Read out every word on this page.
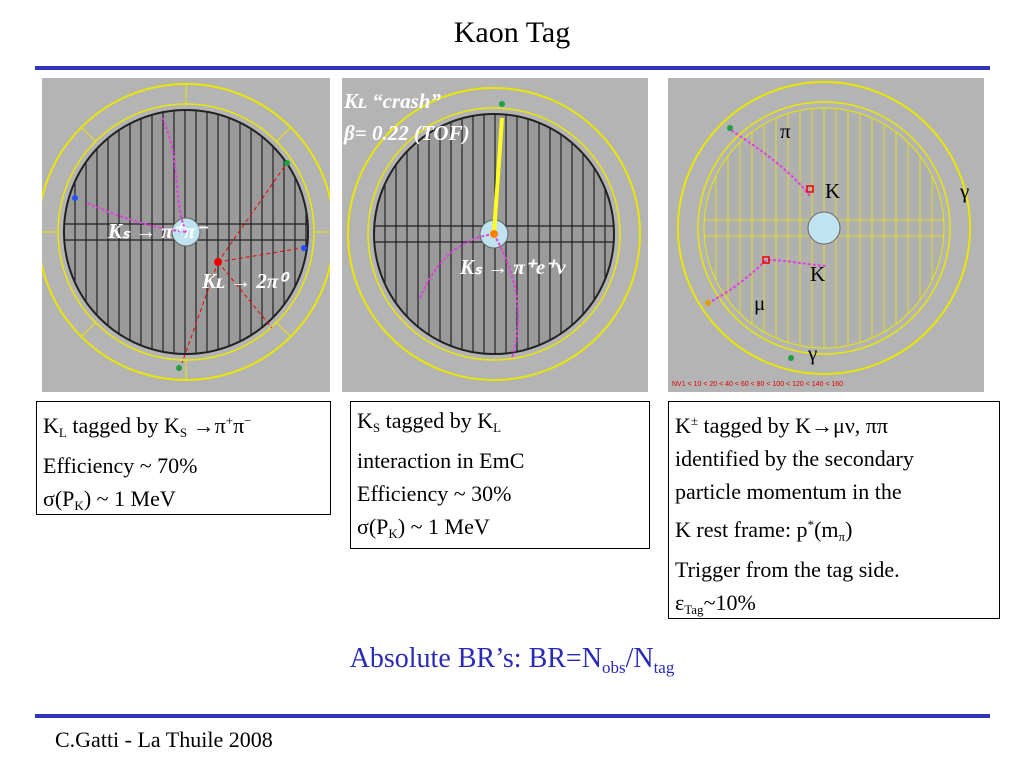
Kaon Tag
Kₛ → π⁺π⁻
Kʟ → 2π⁰
Kʟ “crash”
β= 0.22 (TOF)
Kₛ → π⁺e⁺ν
π
K
K
μ
γ
γ
NV1 < 10 < 20 < 40 < 60 < 80 < 100 < 120 < 140 < 160
$K_L$ tagged by $K_S \to\pi^+\pi^-$
Efficiency ~ 70%
$\sigma(P_K)$ ~ 1 MeV
$K_S$ tagged by $K_L$
interaction in EmC
Efficiency ~ 30%
$\sigma(P_K)$ ~ 1 MeV
K± tagged by K→μν, ππ
identified by the secondary
particle momentum in the
K rest frame: $p^*(m_\pi)$
Trigger from the tag side.
$\varepsilon_{Tag}\sim 10\%$
Absolute BR’s: $BR=N_{obs}/N_{tag}$
C.Gatti - La Thuile 2008
